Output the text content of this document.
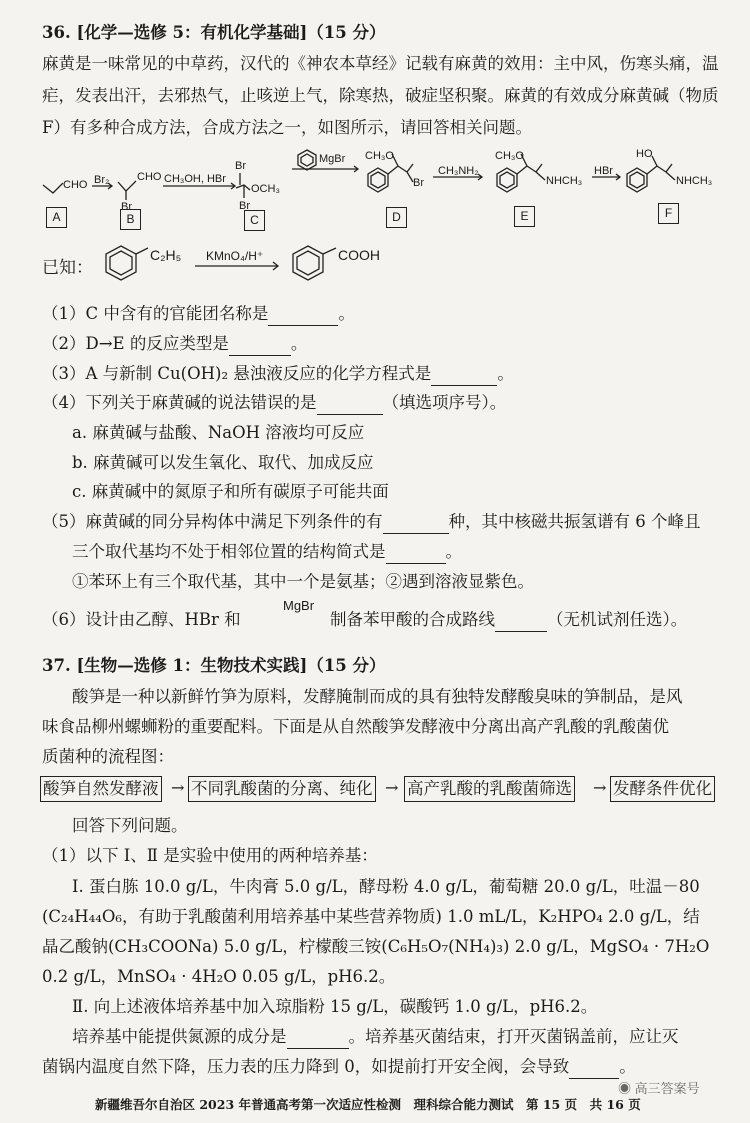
36. [化学—选修 5：有机化学基础]（15 分）
麻黄是一味常见的中草药，汉代的《神农本草经》记载有麻黄的效用：主中风，伤寒头痛，温
疟，发表出汗，去邪热气，止咳逆上气，除寒热，破症坚积聚。麻黄的有效成分麻黄碱（物质
F）有多种合成方法，合成方法之一，如图所示，请回答相关问题。
CHO Br₂	CHO
Br
CH₃OH, HBr
Br
Br
OCH₃
MgBr CH₃O
Br
CH₃NH₂
CH₃O
NHCH₃
HBr
HO
NHCH₃
A	B	C	D	E	F
已知：
C₂H₅ KMnO₄/H⁺	COOH
（1）C 中含有的官能团名称是	。
（2）D→E 的反应类型是	。
（3）A 与新制 Cu(OH)₂ 悬浊液反应的化学方程式是	。
（4）下列关于麻黄碱的说法错误的是	（填选项序号）。
a. 麻黄碱与盐酸、NaOH 溶液均可反应
b. 麻黄碱可以发生氧化、取代、加成反应
c. 麻黄碱中的氮原子和所有碳原子可能共面
（5）麻黄碱的同分异构体中满足下列条件的有	种，其中核磁共振氢谱有 6 个峰且
三个取代基均不处于相邻位置的结构简式是	。
①苯环上有三个取代基，其中一个是氨基；②遇到溶液显紫色。
（6）设计由乙醇、HBr 和
MgBr
制备苯甲酸的合成路线	（无机试剂任选）。
37. [生物—选修 1：生物技术实践]（15 分）
酸笋是一种以新鲜竹笋为原料，发酵腌制而成的具有独特发酵酸臭味的笋制品，是风
味食品柳州螺蛳粉的重要配料。下面是从自然酸笋发酵液中分离出高产乳酸的乳酸菌优
质菌种的流程图：
酸笋自然发酵液 → 不同乳酸菌的分离、纯化 → 高产乳酸的乳酸菌筛选 → 发酵条件优化
回答下列问题。
（1）以下 Ⅰ、Ⅱ 是实验中使用的两种培养基：
Ⅰ. 蛋白胨 10.0 g/L，牛肉膏 5.0 g/L，酵母粉 4.0 g/L，葡萄糖 20.0 g/L，吐温－80
(C₂₄H₄₄O₆，有助于乳酸菌利用培养基中某些营养物质) 1.0 mL/L，K₂HPO₄ 2.0 g/L，结
晶乙酸钠(CH₃COONa) 5.0 g/L，柠檬酸三铵(C₆H₅O₇(NH₄)₃) 2.0 g/L，MgSO₄ · 7H₂O
0.2 g/L，MnSO₄ · 4H₂O 0.05 g/L，pH6.2。
Ⅱ. 向上述液体培养基中加入琼脂粉 15 g/L，碳酸钙 1.0 g/L，pH6.2。
培养基中能提供氮源的成分是	。培养基灭菌结束，打开灭菌锅盖前，应让灭
菌锅内温度自然下降，压力表的压力降到 0，如提前打开安全阀，会导致	。
◉ 高三答案号
新疆维吾尔自治区 2023 年普通高考第一次适应性检测　理科综合能力测试　第 15 页　共 16 页
